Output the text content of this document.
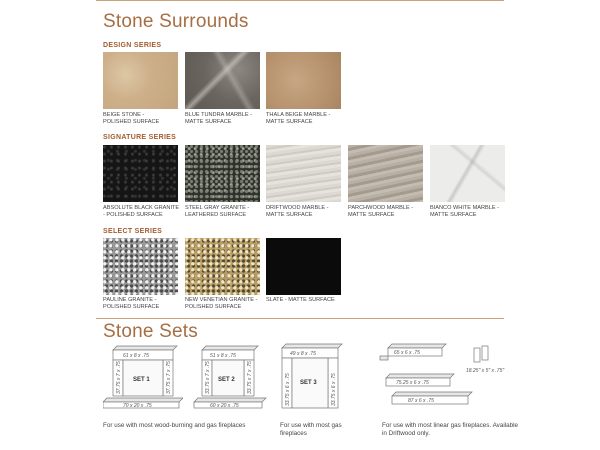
Stone Surrounds
DESIGN SERIES
BEIGE STONE -
POLISHED SURFACE
BLUE TUNDRA MARBLE -
MATTE SURFACE
THALA BEIGE MARBLE -
MATTE SURFACE
SIGNATURE SERIES
ABSOLUTE BLACK GRANITE
- POLISHED SURFACE
STEEL GRAY GRANITE -
LEATHERED SURFACE
DRIFTWOOD MARBLE -
MATTE SURFACE
PARCHWOOD MARBLE -
MATTE SURFACE
BIANCO WHITE MARBLE -
MATTE SURFACE
SELECT SERIES
PAULINE GRANITE -
POLISHED SURFACE
NEW VENETIAN GRANITE -
POLISHED SURFACE
SLATE - MATTE SURFACE
Stone Sets
SET 1
61 x 8 x .75
37.75 x 7 x .75	37.75 x 7 x .75
70 x 20 x .75
SET 2
51 x 8 x .75
33.75 x 7 x .75	33.75 x 7 x .75
60 x 20 x .75
SET 3
49 x 8 x .75
33.75 x 6 x .75	33.75 x 6 x .75
65 x 6 x .75
75.25 x 6 x .75
87 x 6 x .75
18.25" x 5" x .75"
For use with most wood-burning and gas fireplaces	For use with most gas fireplaces
For use with most linear gas fireplaces. Available in Driftwood only.
